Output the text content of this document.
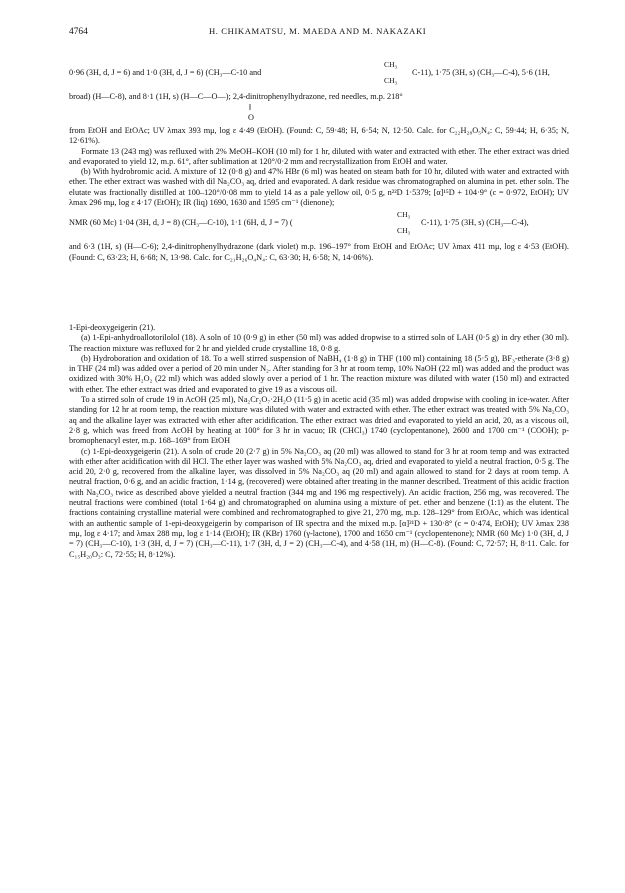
4764	H. CHIKAMATSU, M. MAEDA AND M. NAKAZAKI
CH₃
0·96 (3H, d, J = 6) and 1·0 (3H, d, J = 6) (CH₃—C-10 and	C-11), 1·75 (3H, s) (CH₃—C-4), 5·6 (1H,
CH₃
broad) (H—C-8), and 8·1 (1H, s) (H—C—O—); 2,4-dinitrophenylhydrazone, red needles, m.p. 218°
‖
O

from EtOH and EtOAc; UV λmax 393 mμ, log ε 4·49 (EtOH). (Found: C, 59·48; H, 6·54; N, 12·50. Calc. for C₂₂H₂₈O₅N₄: C, 59·44; H, 6·35; N, 12·61%).

Formate 13 (243 mg) was refluxed with 2% MeOH–KOH (10 ml) for 1 hr, diluted with water and extracted with ether. The ether extract was dried and evaporated to yield 12, m.p. 61°, after sublimation at 120°/0·2 mm and recrystallization from EtOH and water.

(b) With hydrobromic acid. A mixture of 12 (0·8 g) and 47% HBr (6 ml) was heated on steam bath for 10 hr, diluted with water and extracted with ether. The ether extract was washed with dil Na₂CO₃ aq, dried and evaporated. A dark residue was chromatographed on alumina in pet. ether soln. The elutate was fractionally distilled at 100–120°/0·08 mm to yield 14 as a pale yellow oil, 0·5 g, n²²D 1·5379; [α]¹⁵D + 104·9° (c = 0·972, EtOH); UV λmax 296 mμ, log ε 4·17 (EtOH); IR (liq) 1690, 1630 and 1595 cm⁻¹ (dienone);

CH₃
NMR (60 Mc) 1·04 (3H, d, J = 8) (CH₃—C-10), 1·1 (6H, d, J = 7) (	C-11), 1·75 (3H, s) (CH₃—C-4),
CH₃

and 6·3 (1H, s) (H—C-6); 2,4-dinitrophenylhydrazone (dark violet) m.p. 196–197° from EtOH and EtOAc; UV λmax 411 mμ, log ε 4·53 (EtOH). (Found: C, 63·23; H, 6·68; N, 13·98. Calc. for C₂₁H₂₆O₄N₄: C, 63·30; H, 6·58; N, 14·06%).

1-Epi-deoxygeigerin (21).

(a) 1-Epi-anhydroallotorilolol (18). A soln of 10 (0·9 g) in ether (50 ml) was added dropwise to a stirred soln of LAH (0·5 g) in dry ether (30 ml). The reaction mixture was refluxed for 2 hr and yielded crude crystalline 18, 0·8 g.

(b) Hydroboration and oxidation of 18. To a well stirred suspension of NaBH₄ (1·8 g) in THF (100 ml) containing 18 (5·5 g), BF₃-etherate (3·8 g) in THF (24 ml) was added over a period of 20 min under N₂. After standing for 3 hr at room temp, 10% NaOH (22 ml) was added and the product was oxidized with 30% H₂O₂ (22 ml) which was added slowly over a period of 1 hr. The reaction mixture was diluted with water (150 ml) and extracted with ether. The ether extract was dried and evaporated to give 19 as a viscous oil.

To a stirred soln of crude 19 in AcOH (25 ml), Na₂Cr₂O₇·2H₂O (11·5 g) in acetic acid (35 ml) was added dropwise with cooling in ice-water. After standing for 12 hr at room temp, the reaction mixture was diluted with water and extracted with ether. The ether extract was treated with 5% Na₂CO₃ aq and the alkaline layer was extracted with ether after acidification. The ether extract was dried and evaporated to yield an acid, 20, as a viscous oil, 2·8 g, which was freed from AcOH by heating at 100° for 3 hr in vacuo; IR (CHCl₃) 1740 (cyclopentanone), 2600 and 1700 cm⁻¹ (COOH); p-bromophenacyl ester, m.p. 168–169° from EtOH

(c) 1-Epi-deoxygeigerin (21). A soln of crude 20 (2·7 g) in 5% Na₂CO₃ aq (20 ml) was allowed to stand for 3 hr at room temp and was extracted with ether after acidification with dil HCl. The ether layer was washed with 5% Na₂CO₃ aq, dried and evaporated to yield a neutral fraction, 0·5 g. The acid 20, 2·0 g, recovered from the alkaline layer, was dissolved in 5% Na₂CO₃ aq (20 ml) and again allowed to stand for 2 days at room temp. A neutral fraction, 0·6 g, and an acidic fraction, 1·14 g, (recovered) were obtained after treating in the manner described. Treatment of this acidic fraction with Na₂CO₃ twice as described above yielded a neutral fraction (344 mg and 196 mg respectively). An acidic fraction, 256 mg, was recovered. The neutral fractions were combined (total 1·64 g) and chromatographed on alumina using a mixture of pet. ether and benzene (1:1) as the elutent. The fractions containing crystalline material were combined and rechromatographed to give 21, 270 mg, m.p. 128–129° from EtOAc, which was identical with an authentic sample of 1-epi-deoxygeigerin by comparison of IR spectra and the mixed m.p. [α]²¹D + 130·8° (c = 0·474, EtOH); UV λmax 238 mμ, log ε 4·17; and λmax 288 mμ, log ε 1·14 (EtOH); IR (KBr) 1760 (γ-lactone), 1700 and 1650 cm⁻¹ (cyclopentenone); NMR (60 Mc) 1·0 (3H, d, J = 7) (CH₃—C-10), 1·3 (3H, d, J = 7) (CH₃—C-11), 1·7 (3H, d, J = 2) (CH₃—C-4), and 4·58 (1H, m) (H—C-8). (Found: C, 72·57; H, 8·11. Calc. for C₁₅H₂₀O₃: C, 72·55; H, 8·12%).
